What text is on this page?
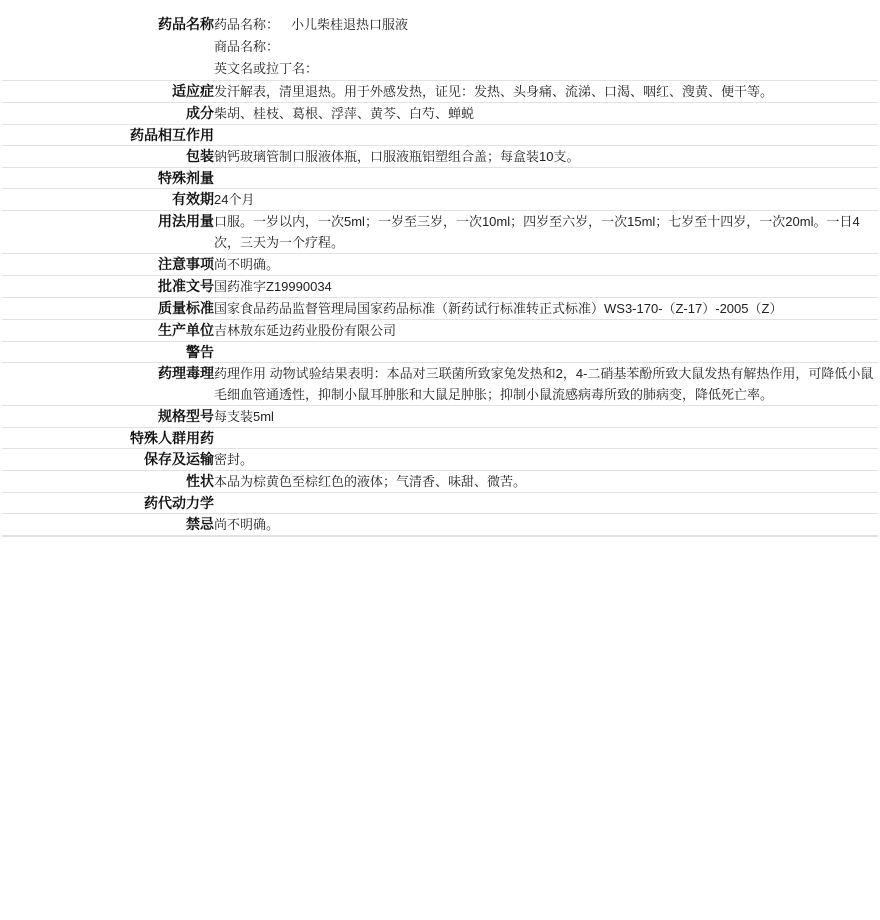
药品名称	药品名称： 小儿柴桂退热口服液
商品名称：
英文名或拉丁名：

适应症	发汗解表，清里退热。用于外感发热，证见：发热、头身痛、流涕、口渴、咽红、溲黄、便干等。
成分	柴胡、桂枝、葛根、浮萍、黄芩、白芍、蝉蜕
药品相互作用	
包装	钠钙玻璃管制口服液体瓶，口服液瓶铝塑组合盖；每盒装10支。
特殊剂量	
有效期	24个月
用法用量	口服。一岁以内，一次5ml；一岁至三岁，一次10ml；四岁至六岁，一次15ml；七岁至十四岁，一次20ml。一日4次，三天为一个疗程。
注意事项	尚不明确。
批准文号	国药准字Z19990034
质量标准	国家食品药品监督管理局国家药品标准（新药试行标准转正式标准）WS3-170-（Z-17）-2005（Z）
生产单位	吉林敖东延边药业股份有限公司
警告	
药理毒理	药理作用 动物试验结果表明：本品对三联菌所致家兔发热和2，4-二硝基苯酚所致大鼠发热有解热作用，可降低小鼠毛细血管通透性，抑制小鼠耳肿胀和大鼠足肿胀；抑制小鼠流感病毒所致的肺病变，降低死亡率。
规格型号	每支装5ml
特殊人群用药	
保存及运输	密封。
性状	本品为棕黄色至棕红色的液体；气清香、味甜、微苦。
药代动力学	
禁忌	尚不明确。
